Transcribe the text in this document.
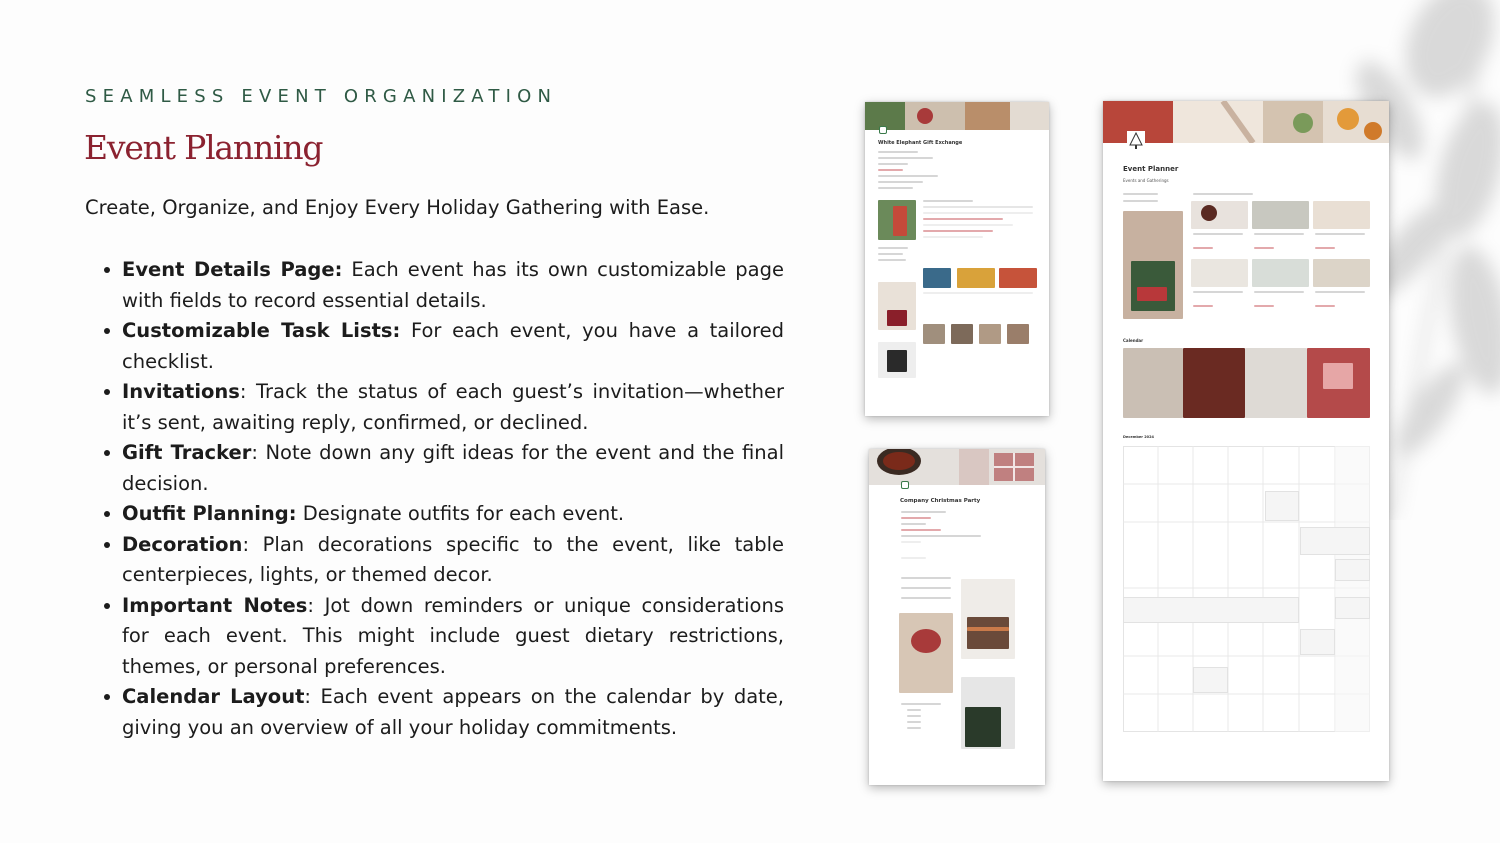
SEAMLESS EVENT ORGANIZATION
Event Planning
Create, Organize, and Enjoy Every Holiday Gathering with Ease.
Event Details Page: Each event has its own customizable page with fields to record essential details.
Customizable Task Lists: For each event, you have a tailored checklist.
Invitations: Track the status of each guest’s invitation—whether it’s sent, awaiting reply, confirmed, or declined.
Gift Tracker: Note down any gift ideas for the event and the final decision.
Outfit Planning: Designate outfits for each event.
Decoration: Plan decorations specific to the event, like table centerpieces, lights, or themed decor.
Important Notes: Jot down reminders or unique considerations for each event. This might include guest dietary restrictions, themes, or personal preferences.
Calendar Layout: Each event appears on the calendar by date, giving you an overview of all your holiday commitments.
White Elephant Gift Exchange
Company Christmas Party
Event Planner
Events and Gatherings
Calendar
December 2024
